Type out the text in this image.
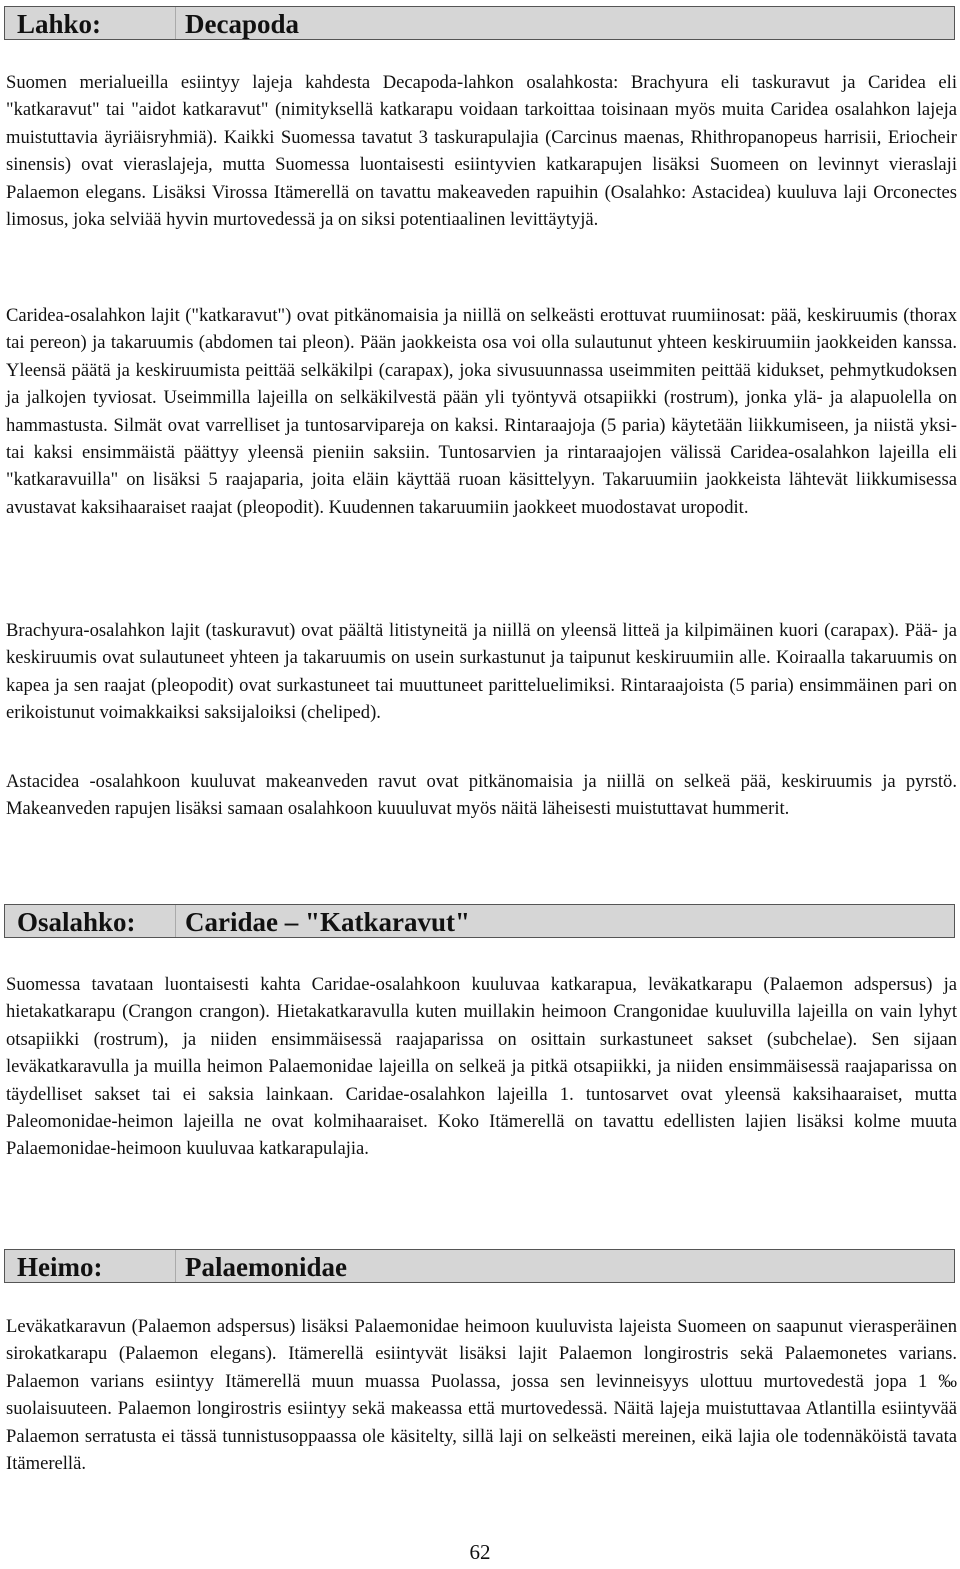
Lahko:	Decapoda

Suomen merialueilla esiintyy lajeja kahdesta Decapoda-lahkon osalahkosta: Brachyura eli taskuravut ja Caridea eli "katkaravut" tai "aidot katkaravut" (nimityksellä katkarapu voidaan tarkoittaa toisinaan myös muita Caridea osalahkon lajeja muistuttavia äyriäisryhmiä). Kaikki Suomessa tavatut 3 taskurapulajia (Carcinus maenas, Rhithropanopeus harrisii, Eriocheir sinensis) ovat vieraslajeja, mutta Suomessa luontaisesti esiintyvien katkarapujen lisäksi Suomeen on levinnyt vieraslaji Palaemon elegans. Lisäksi Virossa Itämerellä on tavattu makeaveden rapuihin (Osalahko: Astacidea) kuuluva laji Orconectes limosus, joka selviää hyvin murtovedessä ja on siksi potentiaalinen levittäytyjä.

Caridea-osalahkon lajit ("katkaravut") ovat pitkänomaisia ja niillä on selkeästi erottuvat ruumiinosat: pää, keskiruumis (thorax tai pereon) ja takaruumis (abdomen tai pleon). Pään jaokkeista osa voi olla sulautunut yhteen keskiruumiin jaokkeiden kanssa. Yleensä päätä ja keskiruumista peittää selkäkilpi (carapax), joka sivusuunnassa useimmiten peittää kidukset, pehmytkudoksen ja jalkojen tyviosat. Useimmilla lajeilla on selkäkilvestä pään yli työntyvä otsapiikki (rostrum), jonka ylä- ja alapuolella on hammastusta. Silmät ovat varrelliset ja tuntosarvipareja on kaksi. Rintaraajoja (5 paria) käytetään liikkumiseen, ja niistä yksi- tai kaksi ensimmäistä päättyy yleensä pieniin saksiin. Tuntosarvien ja rintaraajojen välissä Caridea-osalahkon lajeilla eli "katkaravuilla" on lisäksi 5 raajaparia, joita eläin käyttää ruoan käsittelyyn. Takaruumiin jaokkeista lähtevät liikkumisessa avustavat kaksihaaraiset raajat (pleopodit). Kuudennen takaruumiin jaokkeet muodostavat uropodit.

Brachyura-osalahkon lajit (taskuravut) ovat päältä litistyneitä ja niillä on yleensä litteä ja kilpimäinen kuori (carapax). Pää- ja keskiruumis ovat sulautuneet yhteen ja takaruumis on usein surkastunut ja taipunut keskiruumiin alle. Koiraalla takaruumis on kapea ja sen raajat (pleopodit) ovat surkastuneet tai muuttuneet paritteluelimiksi. Rintaraajoista (5 paria) ensimmäinen pari on erikoistunut voimakkaiksi saksijaloiksi (cheliped).

Astacidea -osalahkoon kuuluvat makeanveden ravut ovat pitkänomaisia ja niillä on selkeä pää, keskiruumis ja pyrstö. Makeanveden rapujen lisäksi samaan osalahkoon kuuuluvat myös näitä läheisesti muistuttavat hummerit.

Osalahko: Caridae – "Katkaravut"

Suomessa tavataan luontaisesti kahta Caridae-osalahkoon kuuluvaa katkarapua, leväkatkarapu (Palaemon adspersus) ja hietakatkarapu (Crangon crangon). Hietakatkaravulla kuten muillakin heimoon Crangonidae kuuluvilla lajeilla on vain lyhyt otsapiikki (rostrum), ja niiden ensimmäisessä raajaparissa on osittain surkastuneet sakset (subchelae). Sen sijaan leväkatkaravulla ja muilla heimon Palaemonidae lajeilla on selkeä ja pitkä otsapiikki, ja niiden ensimmäisessä raajaparissa on täydelliset sakset tai ei saksia lainkaan. Caridae-osalahkon lajeilla 1. tuntosarvet ovat yleensä kaksihaaraiset, mutta Paleomonidae-heimon lajeilla ne ovat kolmihaaraiset. Koko Itämerellä on tavattu edellisten lajien lisäksi kolme muuta Palaemonidae-heimoon kuuluvaa katkarapulajia.

Heimo:	Palaemonidae

Leväkatkaravun (Palaemon adspersus) lisäksi Palaemonidae heimoon kuuluvista lajeista Suomeen on saapunut vierasperäinen sirokatkarapu (Palaemon elegans). Itämerellä esiintyvät lisäksi lajit Palaemon longirostris sekä Palaemonetes varians. Palaemon varians esiintyy Itämerellä muun muassa Puolassa, jossa sen levinneisyys ulottuu murtovedestä jopa 1 ‰ suolaisuuteen. Palaemon longirostris esiintyy sekä makeassa että murtovedessä. Näitä lajeja muistuttavaa Atlantilla esiintyvää Palaemon serratusta ei tässä tunnistusoppaassa ole käsitelty, sillä laji on selkeästi mereinen, eikä lajia ole todennäköistä tavata Itämerellä.

62
